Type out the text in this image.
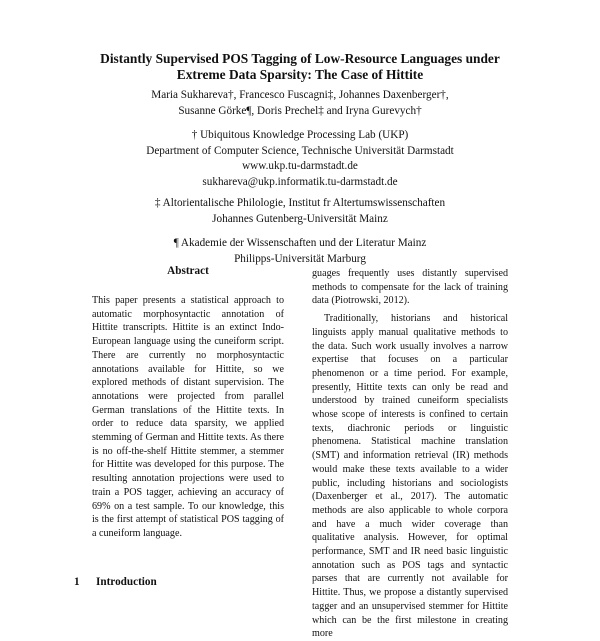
Distantly Supervised POS Tagging of Low-Resource Languages under
Extreme Data Sparsity: The Case of Hittite
Maria Sukhareva†, Francesco Fuscagni‡, Johannes Daxenberger†,
Susanne Görke¶, Doris Prechel‡ and Iryna Gurevych†
† Ubiquitous Knowledge Processing Lab (UKP)
Department of Computer Science, Technische Universität Darmstadt
www.ukp.tu-darmstadt.de
sukhareva@ukp.informatik.tu-darmstadt.de
‡ Altorientalische Philologie, Institut fr Altertumswissenschaften
Johannes Gutenberg-Universität Mainz
¶ Akademie der Wissenschaften und der Literatur Mainz
Philipps-Universität Marburg
Abstract

This paper presents a statistical approach to automatic morphosyntactic annotation of Hittite transcripts. Hittite is an extinct Indo-European language using the cuneiform script. There are currently no morphosyntactic annotations available for Hittite, so we explored methods of distant supervision. The annotations were projected from parallel German translations of the Hittite texts. In order to reduce data sparsity, we applied stemming of German and Hittite texts. As there is no off-the-shelf Hittite stemmer, a stemmer for Hittite was developed for this purpose. The resulting annotation projections were used to train a POS tagger, achieving an accuracy of 69% on a test sample. To our knowledge, this is the first attempt of statistical POS tagging of a cuneiform language.

1 Introduction

guages frequently uses distantly supervised methods to compensate for the lack of training data (Piotrowski, 2012).

Traditionally, historians and historical linguists apply manual qualitative methods to the data. Such work usually involves a narrow expertise that focuses on a particular phenomenon or a time period. For example, presently, Hittite texts can only be read and understood by trained cuneiform specialists whose scope of interests is confined to certain texts, diachronic periods or linguistic phenomena. Statistical machine translation (SMT) and information retrieval (IR) methods would make these texts available to a wider public, including historians and sociologists (Daxenberger et al., 2017). The automatic methods are also applicable to whole corpora and have a much wider coverage than qualitative analysis. However, for optimal performance, SMT and IR need basic linguistic annotation such as POS tags and syntactic parses that are currently not available for Hittite. Thus, we propose a distantly supervised tagger and an unsupervised stemmer for Hittite which can be the first milestone in creating more
